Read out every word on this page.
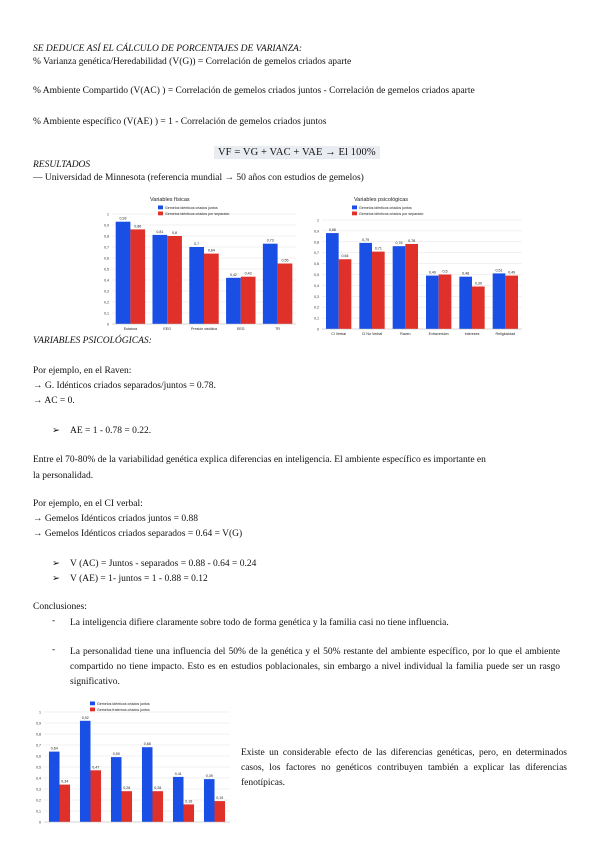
SE DEDUCE ASÍ EL CÁLCULO DE PORCENTAJES DE VARIANZA:
% Varianza genética/Heredabilidad (V(G)) = Correlación de gemelos criados aparte
% Ambiente Compartido (V(AC) ) = Correlación de gemelos criados juntos - Correlación de gemelos criados aparte
% Ambiente específico (V(AE) ) = 1 - Correlación de gemelos criados juntos
VF = VG + VAC + VAE → El 100%
RESULTADOS
— Universidad de Minnesota (referencia mundial → 50 años con estudios de gemelos)
0
0,1
0,2
0,3
0,4
0,5
0,6
0,7
0,8
0,9
1
Variables físicas
Gemelos idénticos criados juntos
Gemelos idénticos criados por separado
0,93
0,86
Estatura
0,81 0,8
EEG
0,7
0,64
Presión sistólica
0,42 0,43
EEG
0,73
0,55
TR	0
0,1
0,2
0,3
0,4
0,5
0,6
0,7
0,8
0,9
1
Variables psicológicas
Gemelos idénticos criados juntos
Gemelos idénticos criados por separado
0,88
0,64
CI Verbal
0,79
0,71
CI No Verbal
0,76
0,78
Raven
0,49 0,5
Extraversión
0,48
0,39
Intereses
0,51
0,49
Religiosidad
VARIABLES PSICOLÓGICAS:
Por ejemplo, en el Raven:
→ G. Idénticos criados separados/juntos = 0.78.
→ AC = 0.
➢ AE = 1 - 0.78 = 0.22.
Entre el 70-80% de la variabilidad genética explica diferencias en inteligencia. El ambiente específico es importante en
la personalidad.
Por ejemplo, en el CI verbal:
→ Gemelos Idénticos criados juntos = 0.88
→ Gemelos Idénticos criados separados = 0.64 = V(G)
➢ V (AC) = Juntos - separados = 0.88 - 0.64 = 0.24
➢ V (AE) = 1- juntos = 1 - 0.88 = 0.12
Conclusiones:
- La inteligencia difiere claramente sobre todo de forma genética y la familia casi no tiene influencia.
- La personalidad tiene una influencia del 50% de la genética y el 50% restante del ambiente específico, por lo que el ambiente compartido no tiene impacto. Esto es en estudios poblacionales, sin embargo a nivel individual la familia puede ser un rasgo significativo.
0
0,1
0,2
0,3
0,4
0,5
0,6
0,7
0,8
0,9
1
Gemelos idénticos criados juntos
Gemelos fraternos criados juntos
0,64
0,34
0,92
0,47
0,59
0,28
0,68
0,28
0,41
0,16
0,39
0,19
Existe un considerable efecto de las diferencias genéticas, pero, en determinados casos, los factores no genéticos contribuyen también a explicar las diferencias fenotípicas.
